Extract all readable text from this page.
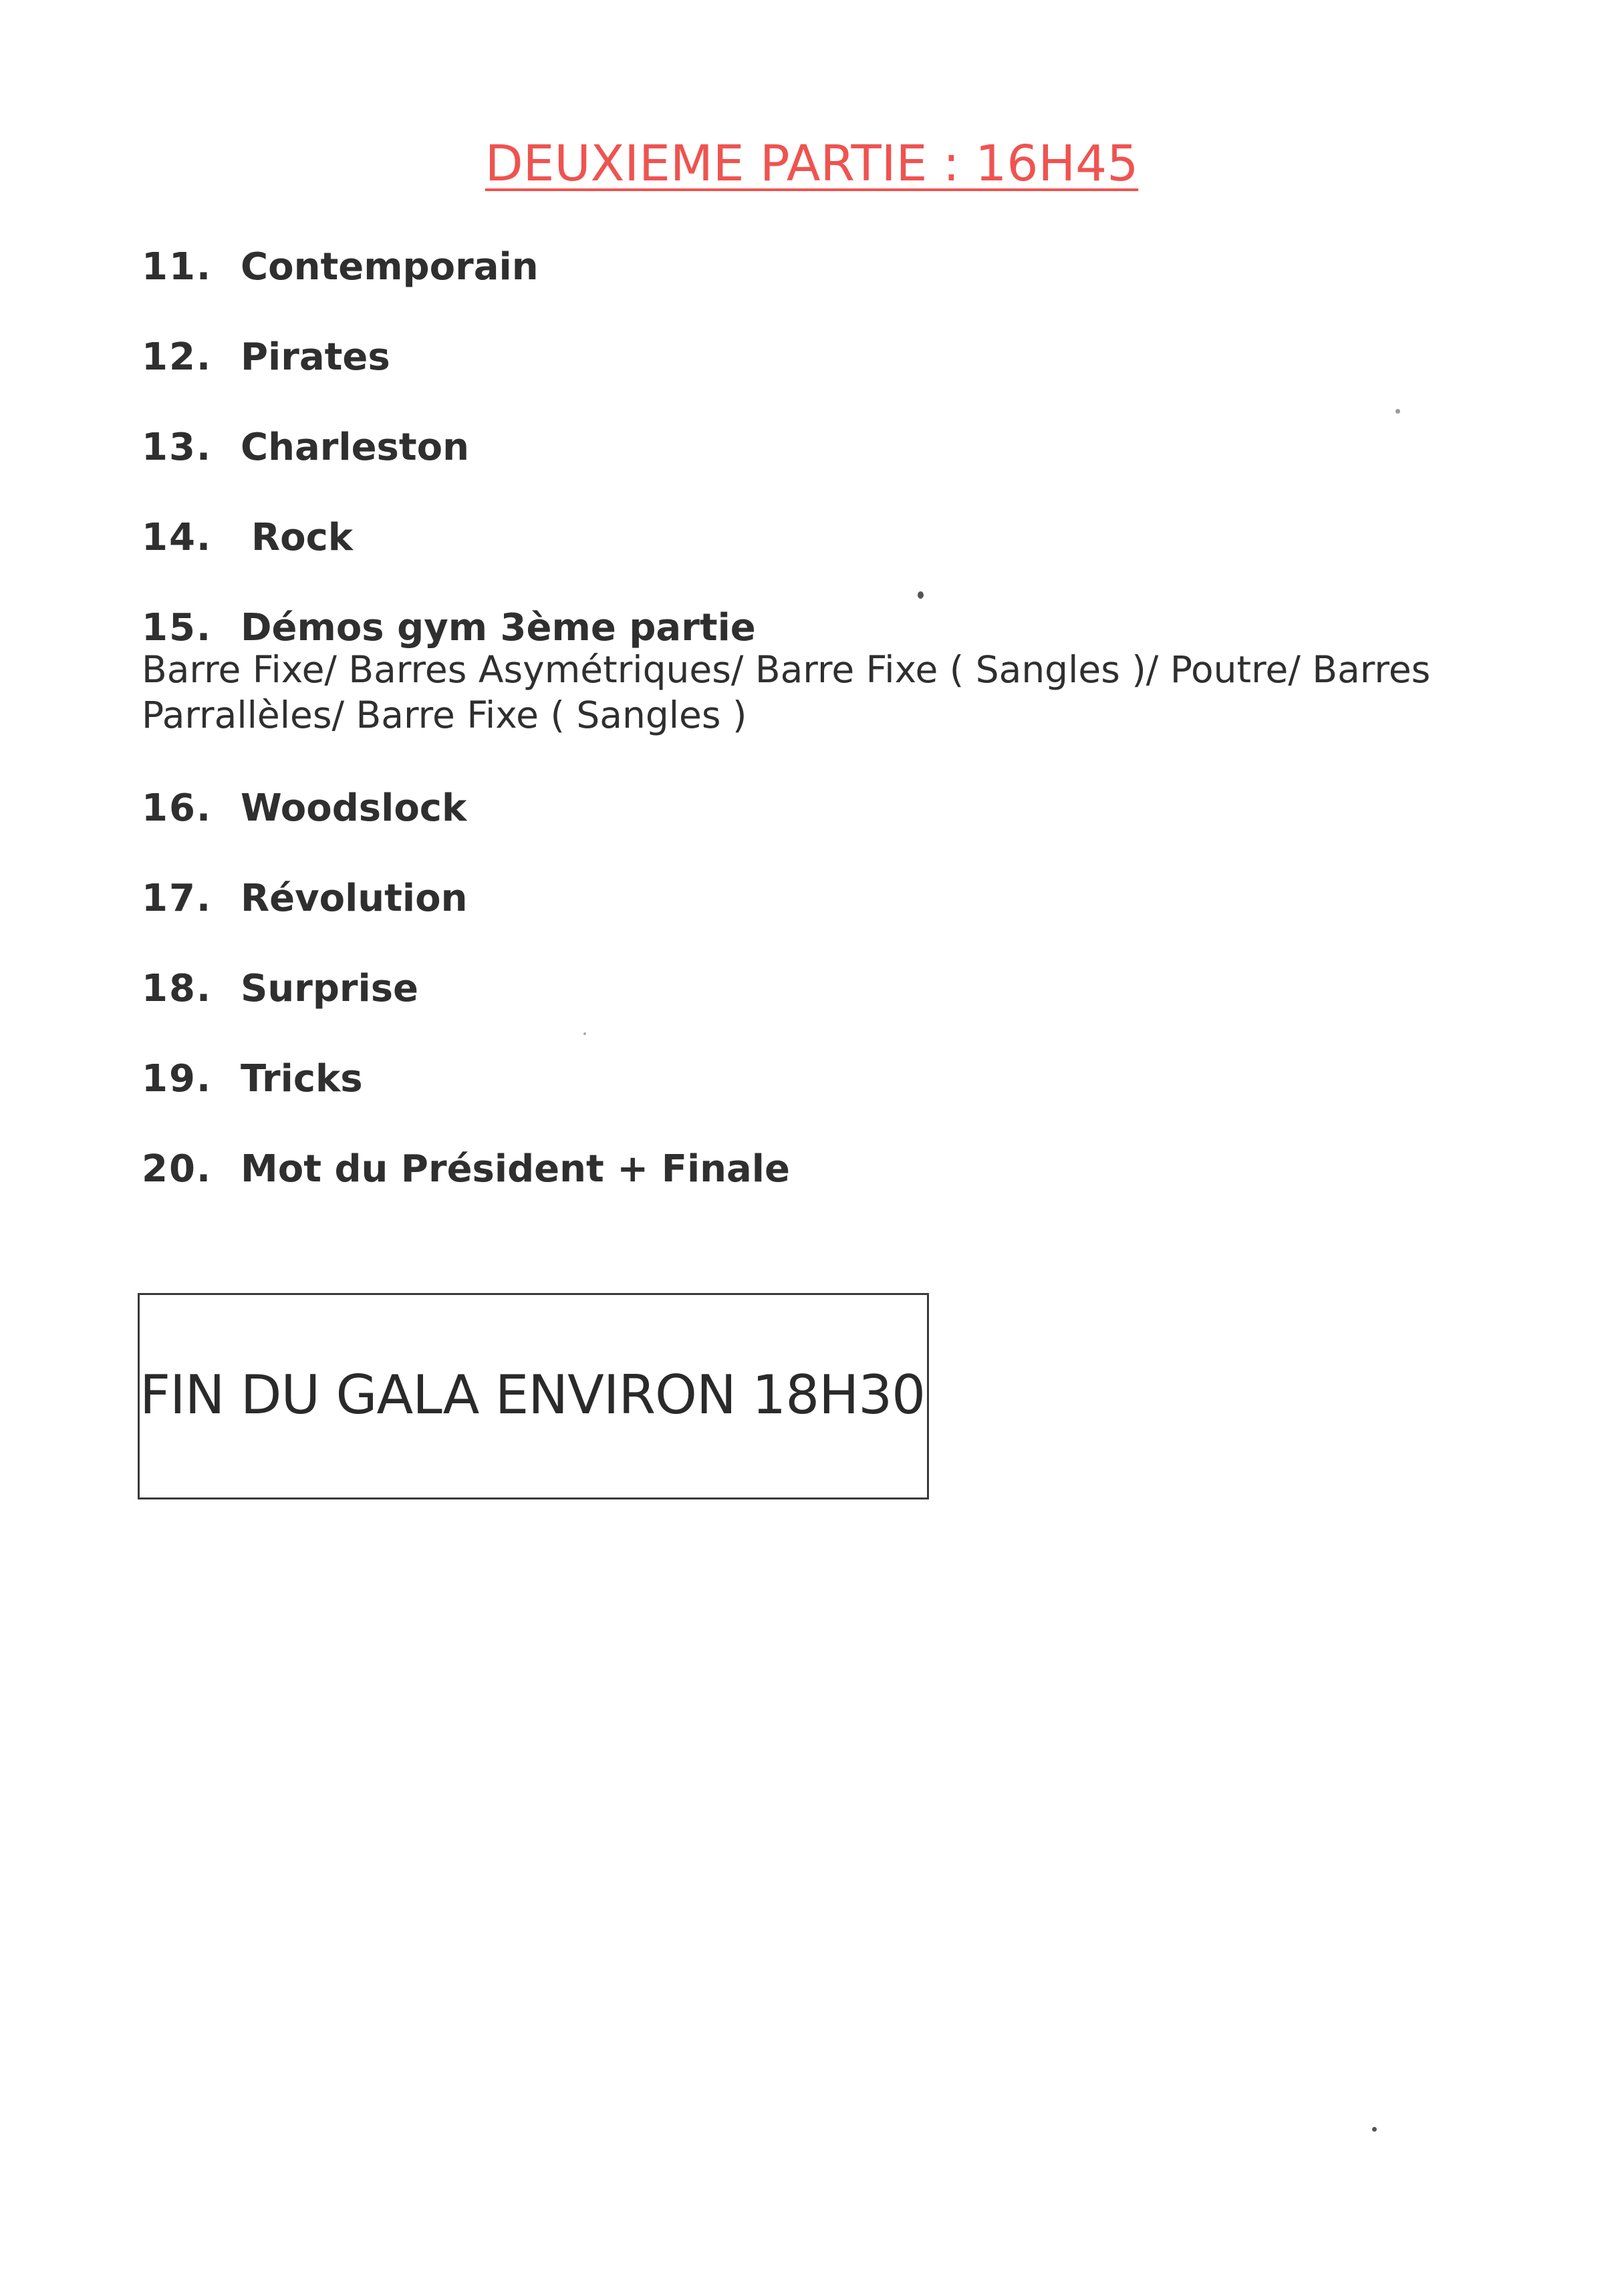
DEUXIEME PARTIE : 16H45
11. Contemporain
12. Pirates
13. Charleston
14. Rock
15. Démos gym 3ème partie
16. Woodslock
17. Révolution
18. Surprise
19. Tricks
20. Mot du Président + Finale
Barre Fixe/ Barres Asymétriques/ Barre Fixe ( Sangles )/ Poutre/ Barres Parrallèles/ Barre Fixe ( Sangles )
FIN DU GALA ENVIRON 18H30
